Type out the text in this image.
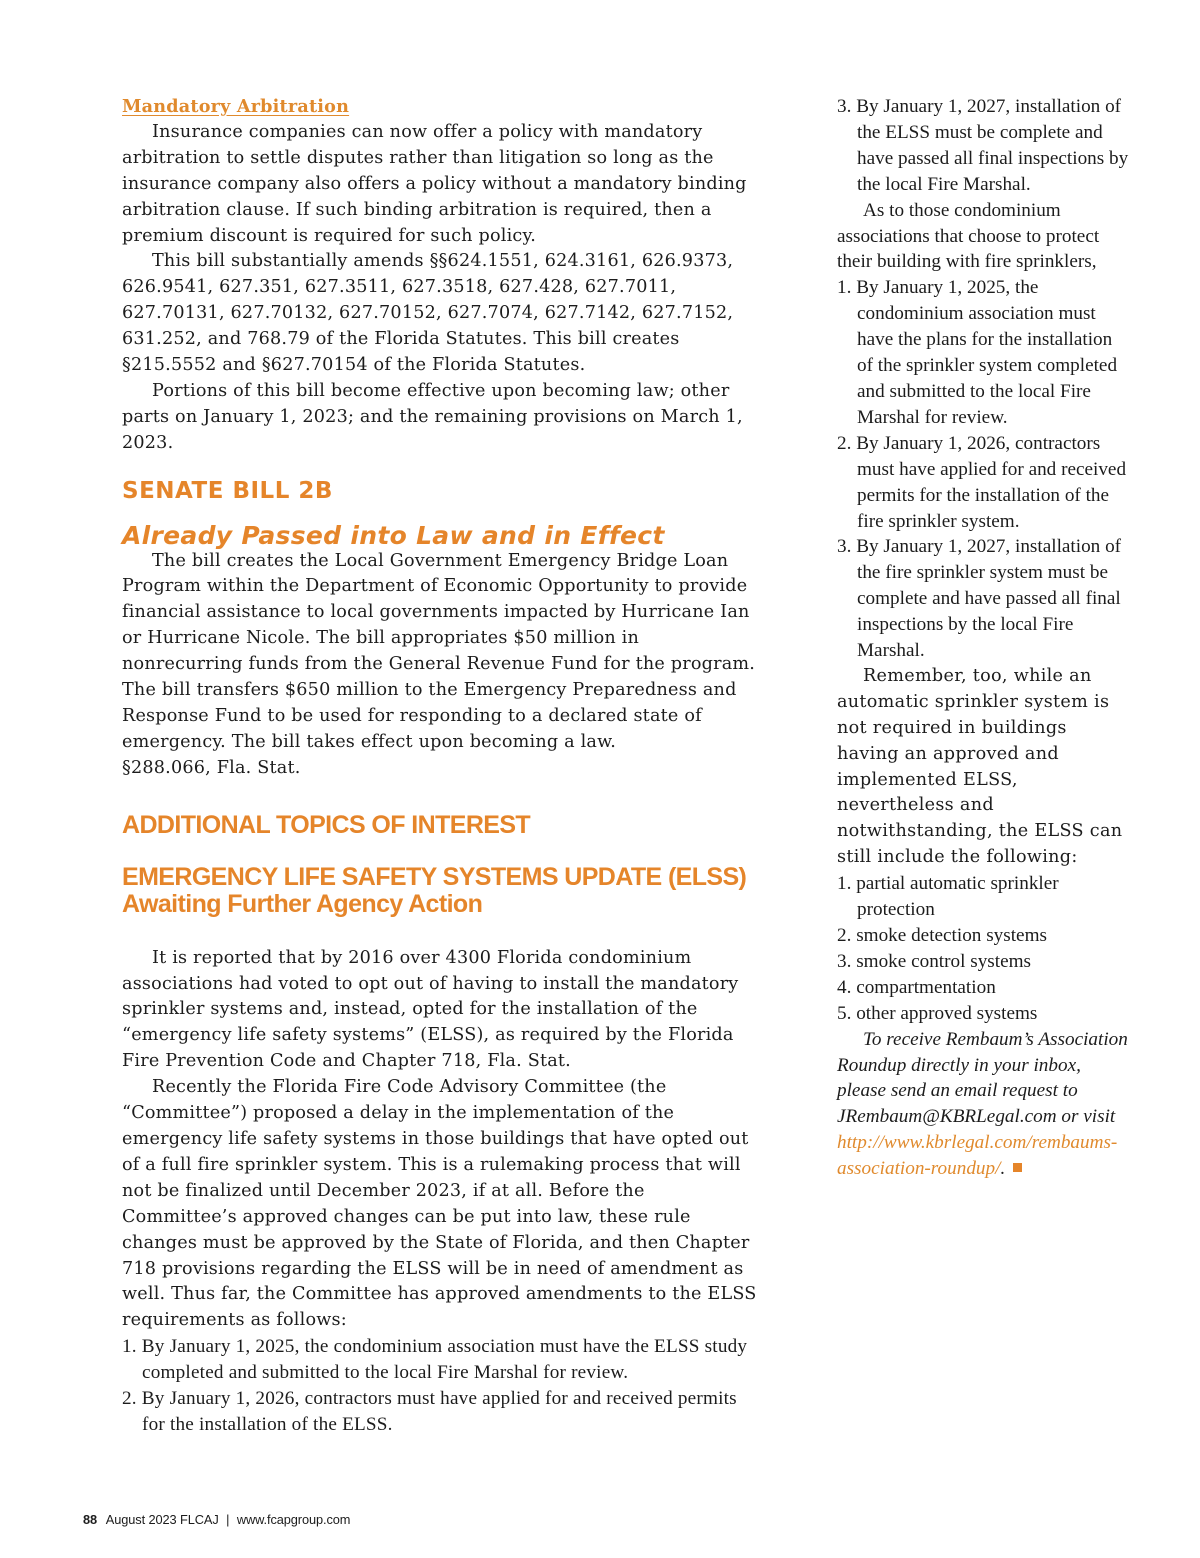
Mandatory Arbitration

Insurance companies can now offer a policy with mandatory arbitration to settle disputes rather than litigation so long as the insurance company also offers a policy without a mandatory binding arbitration clause. If such binding arbitration is required, then a premium discount is required for such policy.

This bill substantially amends §§624.1551, 624.3161, 626.9373, 626.9541, 627.351, 627.3511, 627.3518, 627.428, 627.7011, 627.70131, 627.70132, 627.70152, 627.7074, 627.7142, 627.7152, 631.252, and 768.79 of the Florida Statutes. This bill creates §215.5552 and §627.70154 of the Florida Statutes.

Portions of this bill become effective upon becoming law; other parts on January 1, 2023; and the remaining provisions on March 1, 2023.

SENATE BILL 2B
Already Passed into Law and in Effect

The bill creates the Local Government Emergency Bridge Loan Program within the Department of Economic Opportunity to provide financial assistance to local governments impacted by Hurricane Ian or Hurricane Nicole. The bill appropriates $50 million in nonrecurring funds from the General Revenue Fund for the program. The bill transfers $650 million to the Emergency Preparedness and Response Fund to be used for responding to a declared state of emergency. The bill takes effect upon becoming a law.

§288.066, Fla. Stat.

ADDITIONAL TOPICS OF INTEREST
EMERGENCY LIFE SAFETY SYSTEMS UPDATE (ELSS)
Awaiting Further Agency Action

It is reported that by 2016 over 4300 Florida condominium associations had voted to opt out of having to install the mandatory sprinkler systems and, instead, opted for the installation of the “emergency life safety systems” (ELSS), as required by the Florida Fire Prevention Code and Chapter 718, Fla. Stat.

Recently the Florida Fire Code Advisory Committee (the “Committee”) proposed a delay in the implementation of the emergency life safety systems in those buildings that have opted out of a full fire sprinkler system. This is a rulemaking process that will not be finalized until December 2023, if at all. Before the Committee’s approved changes can be put into law, these rule changes must be approved by the State of Florida, and then Chapter 718 provisions regarding the ELSS will be in need of amendment as well. Thus far, the Committee has approved amendments to the ELSS requirements as follows:

1. By January 1, 2025, the condominium association must have the ELSS study completed and submitted to the local Fire Marshal for review.
2. By January 1, 2026, contractors must have applied for and received permits for the installation of the ELSS.
3. By January 1, 2027, installation of the ELSS must be complete and have passed all final inspections by the local Fire Marshal.

As to those condominium associations that choose to protect their building with fire sprinklers,

1. By January 1, 2025, the condominium association must have the plans for the installation of the sprinkler system completed and submitted to the local Fire Marshal for review.
2. By January 1, 2026, contractors must have applied for and received permits for the installation of the fire sprinkler system.
3. By January 1, 2027, installation of the fire sprinkler system must be complete and have passed all final inspections by the local Fire Marshal.

Remember, too, while an automatic sprinkler system is not required in buildings having an approved and implemented ELSS, nevertheless and notwithstanding, the ELSS can still include the following:

1. partial automatic sprinkler protection
2. smoke detection systems
3. smoke control systems
4. compartmentation
5. other approved systems

To receive Rembaum’s Association Roundup directly in your inbox, please send an email request to JRembaum@KBRLegal.com or visit http://www.kbrlegal.com/rembaums-association-roundup/.

88 August 2023 FLCAJ | www.fcapgroup.com
